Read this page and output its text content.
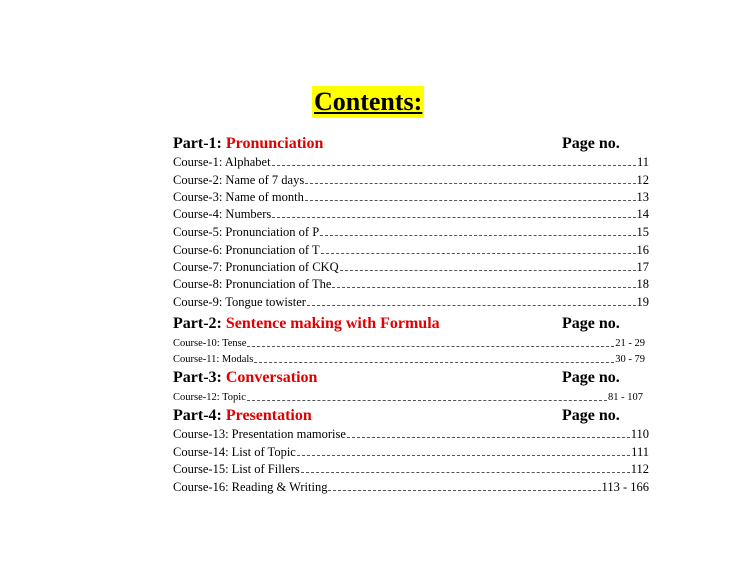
Contents:
Part-1: Pronunciation	Page no.
Course-1: Alphabet	11
Course-2: Name of 7 days	12
Course-3: Name of month	13
Course-4: Numbers	14
Course-5: Pronunciation of P	15
Course-6: Pronunciation of T	16
Course-7: Pronunciation of CKQ	17
Course-8: Pronunciation of The	18
Course-9: Tongue towister	19
Part-2: Sentence making with Formula	Page no.
Course-10: Tense	21 - 29
Course-11: Modals	30 - 79
Part-3: Conversation	Page no.
Course-12: Topic	81 - 107
Part-4: Presentation	Page no.
Course-13: Presentation mamorise	110
Course-14: List of Topic	111
Course-15: List of Fillers	112
Course-16: Reading & Writing	113 - 166
